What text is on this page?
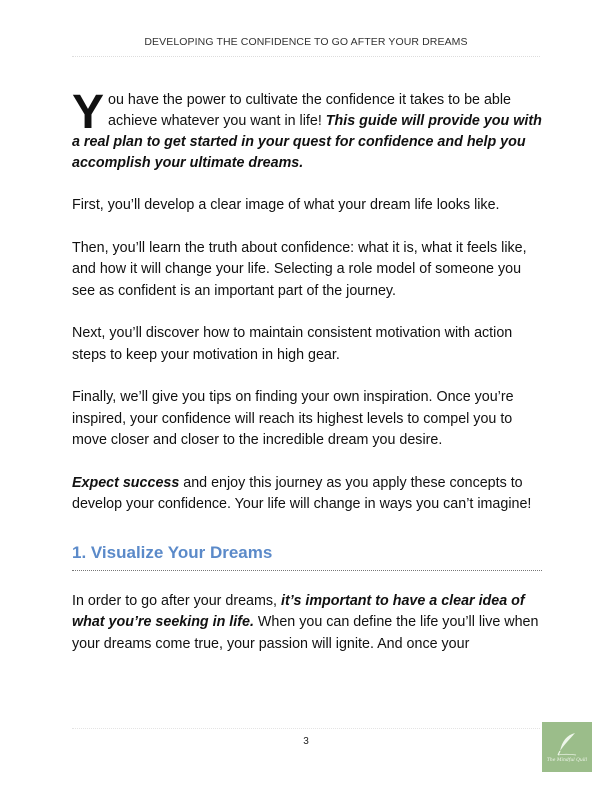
DEVELOPING THE CONFIDENCE TO GO AFTER YOUR DREAMS

You have the power to cultivate the confidence it takes to be able achieve whatever you want in life! This guide will provide you with a real plan to get started in your quest for confidence and help you accomplish your ultimate dreams.

First, you’ll develop a clear image of what your dream life looks like.

Then, you’ll learn the truth about confidence: what it is, what it feels like, and how it will change your life. Selecting a role model of someone you see as confident is an important part of the journey.

Next, you’ll discover how to maintain consistent motivation with action steps to keep your motivation in high gear.

Finally, we’ll give you tips on finding your own inspiration. Once you’re inspired, your confidence will reach its highest levels to compel you to move closer and closer to the incredible dream you desire.

Expect success and enjoy this journey as you apply these concepts to develop your confidence. Your life will change in ways you can’t imagine!

1. Visualize Your Dreams

In order to go after your dreams, it’s important to have a clear idea of what you’re seeking in life. When you can define the life you’ll live when your dreams come true, your passion will ignite. And once your

3
The Mindful Quill
